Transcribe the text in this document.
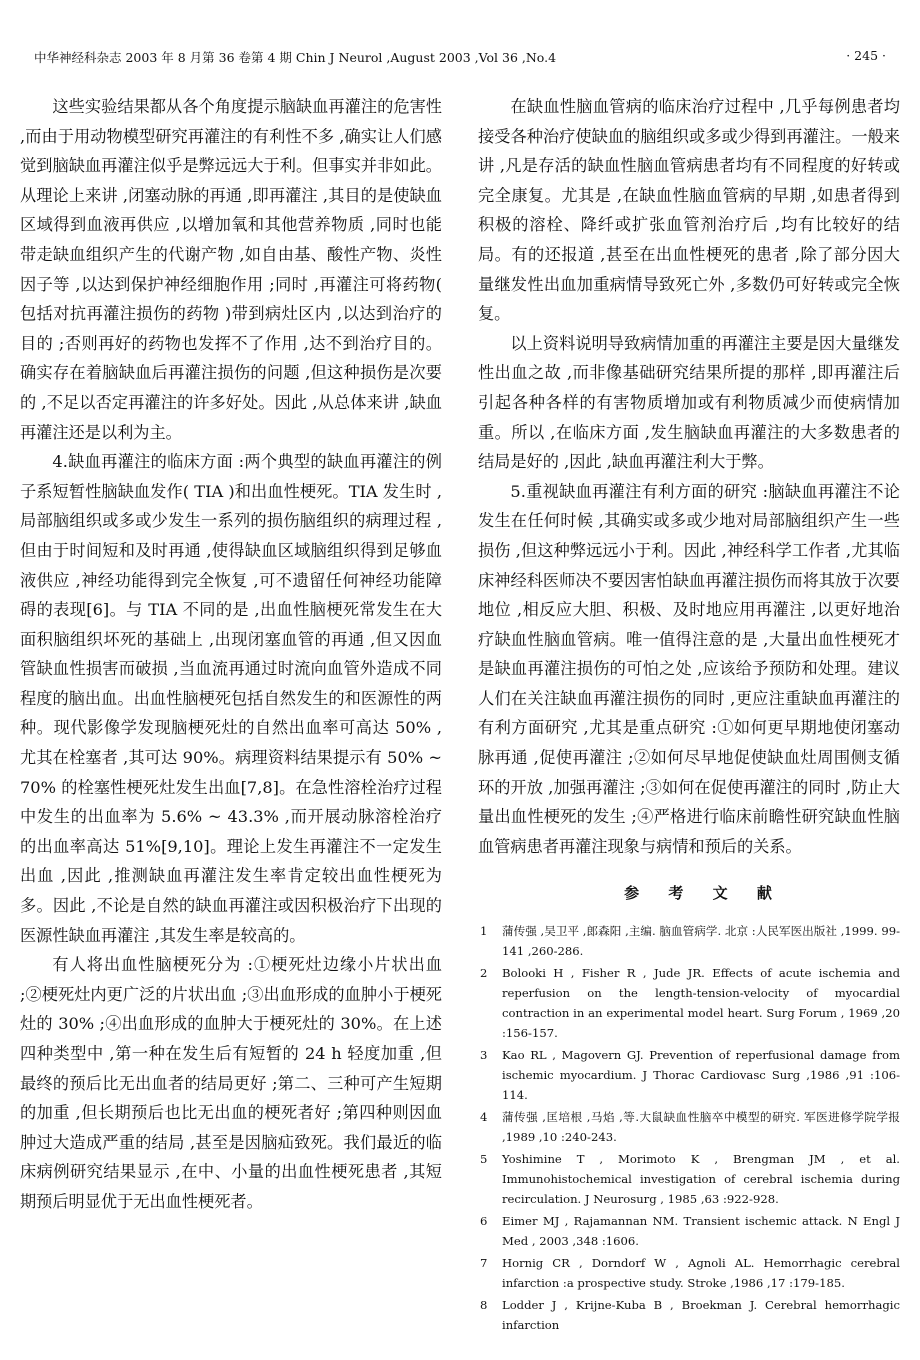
中华神经科杂志 2003 年 8 月第 36 卷第 4 期 Chin J Neurol ,August 2003 ,Vol 36 ,No.4	· 245 ·

这些实验结果都从各个角度提示脑缺血再灌注的危害性 ,而由于用动物模型研究再灌注的有利性不多 ,确实让人们感觉到脑缺血再灌注似乎是弊远远大于利。但事实并非如此。从理论上来讲 ,闭塞动脉的再通 ,即再灌注 ,其目的是使缺血区域得到血液再供应 ,以增加氧和其他营养物质 ,同时也能带走缺血组织产生的代谢产物 ,如自由基、酸性产物、炎性因子等 ,以达到保护神经细胞作用 ;同时 ,再灌注可将药物( 包括对抗再灌注损伤的药物 )带到病灶区内 ,以达到治疗的目的 ;否则再好的药物也发挥不了作用 ,达不到治疗目的。确实存在着脑缺血后再灌注损伤的问题 ,但这种损伤是次要的 ,不足以否定再灌注的许多好处。因此 ,从总体来讲 ,缺血再灌注还是以利为主。

4.缺血再灌注的临床方面 :两个典型的缺血再灌注的例子系短暂性脑缺血发作( TIA )和出血性梗死。TIA 发生时 ,局部脑组织或多或少发生一系列的损伤脑组织的病理过程 ,但由于时间短和及时再通 ,使得缺血区域脑组织得到足够血液供应 ,神经功能得到完全恢复 ,可不遗留任何神经功能障碍的表现[6]。与 TIA 不同的是 ,出血性脑梗死常发生在大面积脑组织坏死的基础上 ,出现闭塞血管的再通 ,但又因血管缺血性损害而破损 ,当血流再通过时流向血管外造成不同程度的脑出血。出血性脑梗死包括自然发生的和医源性的两种。现代影像学发现脑梗死灶的自然出血率可高达 50% ,尤其在栓塞者 ,其可达 90%。病理资料结果提示有 50% ~ 70% 的栓塞性梗死灶发生出血[7,8]。在急性溶栓治疗过程中发生的出血率为 5.6% ~ 43.3% ,而开展动脉溶栓治疗的出血率高达 51%[9,10]。理论上发生再灌注不一定发生出血 ,因此 ,推测缺血再灌注发生率肯定较出血性梗死为多。因此 ,不论是自然的缺血再灌注或因积极治疗下出现的医源性缺血再灌注 ,其发生率是较高的。

有人将出血性脑梗死分为 :①梗死灶边缘小片状出血 ;②梗死灶内更广泛的片状出血 ;③出血形成的血肿小于梗死灶的 30% ;④出血形成的血肿大于梗死灶的 30%。在上述四种类型中 ,第一种在发生后有短暂的 24 h 轻度加重 ,但最终的预后比无出血者的结局更好 ;第二、三种可产生短期的加重 ,但长期预后也比无出血的梗死者好 ;第四种则因血肿过大造成严重的结局 ,甚至是因脑疝致死。我们最近的临床病例研究结果显示 ,在中、小量的出血性梗死患者 ,其短期预后明显优于无出血性梗死者。

在缺血性脑血管病的临床治疗过程中 ,几乎每例患者均接受各种治疗使缺血的脑组织或多或少得到再灌注。一般来讲 ,凡是存活的缺血性脑血管病患者均有不同程度的好转或完全康复。尤其是 ,在缺血性脑血管病的早期 ,如患者得到积极的溶栓、降纤或扩张血管剂治疗后 ,均有比较好的结局。有的还报道 ,甚至在出血性梗死的患者 ,除了部分因大量继发性出血加重病情导致死亡外 ,多数仍可好转或完全恢复。

以上资料说明导致病情加重的再灌注主要是因大量继发性出血之故 ,而非像基础研究结果所提的那样 ,即再灌注后引起各种各样的有害物质增加或有利物质减少而使病情加重。所以 ,在临床方面 ,发生脑缺血再灌注的大多数患者的结局是好的 ,因此 ,缺血再灌注利大于弊。

5.重视缺血再灌注有利方面的研究 :脑缺血再灌注不论发生在任何时候 ,其确实或多或少地对局部脑组织产生一些损伤 ,但这种弊远远小于利。因此 ,神经科学工作者 ,尤其临床神经科医师决不要因害怕缺血再灌注损伤而将其放于次要地位 ,相反应大胆、积极、及时地应用再灌注 ,以更好地治疗缺血性脑血管病。唯一值得注意的是 ,大量出血性梗死才是缺血再灌注损伤的可怕之处 ,应该给予预防和处理。建议人们在关注缺血再灌注损伤的同时 ,更应注重缺血再灌注的有利方面研究 ,尤其是重点研究 :①如何更早期地使闭塞动脉再通 ,促使再灌注 ;②如何尽早地促使缺血灶周围侧支循环的开放 ,加强再灌注 ;③如何在促使再灌注的同时 ,防止大量出血性梗死的发生 ;④严格进行临床前瞻性研究缺血性脑血管病患者再灌注现象与病情和预后的关系。

参 考 文 献

1 蒲传强 ,吴卫平 ,郎森阳 ,主编. 脑血管病学. 北京 :人民军医出版社 ,1999. 99-141 ,260-286.
2 Bolooki H , Fisher R , Jude JR. Effects of acute ischemia and reperfusion on the length-tension-velocity of myocardial contraction in an experimental model heart. Surg Forum , 1969 ,20 :156-157.
3 Kao RL , Magovern GJ. Prevention of reperfusional damage from ischemic myocardium. J Thorac Cardiovasc Surg ,1986 ,91 :106-114.
4 蒲传强 ,匡培根 ,马焰 ,等.大鼠缺血性脑卒中模型的研究. 军医进修学院学报 ,1989 ,10 :240-243.
5 Yoshimine T , Morimoto K , Brengman JM , et al. Immunohistochemical investigation of cerebral ischemia during recirculation. J Neurosurg , 1985 ,63 :922-928.
6 Eimer MJ , Rajamannan NM. Transient ischemic attack. N Engl J Med , 2003 ,348 :1606.
7 Hornig CR , Dorndorf W , Agnoli AL. Hemorrhagic cerebral infarction :a prospective study. Stroke ,1986 ,17 :179-185.
8 Lodder J , Krijne-Kuba B , Broekman J. Cerebral hemorrhagic infarction
